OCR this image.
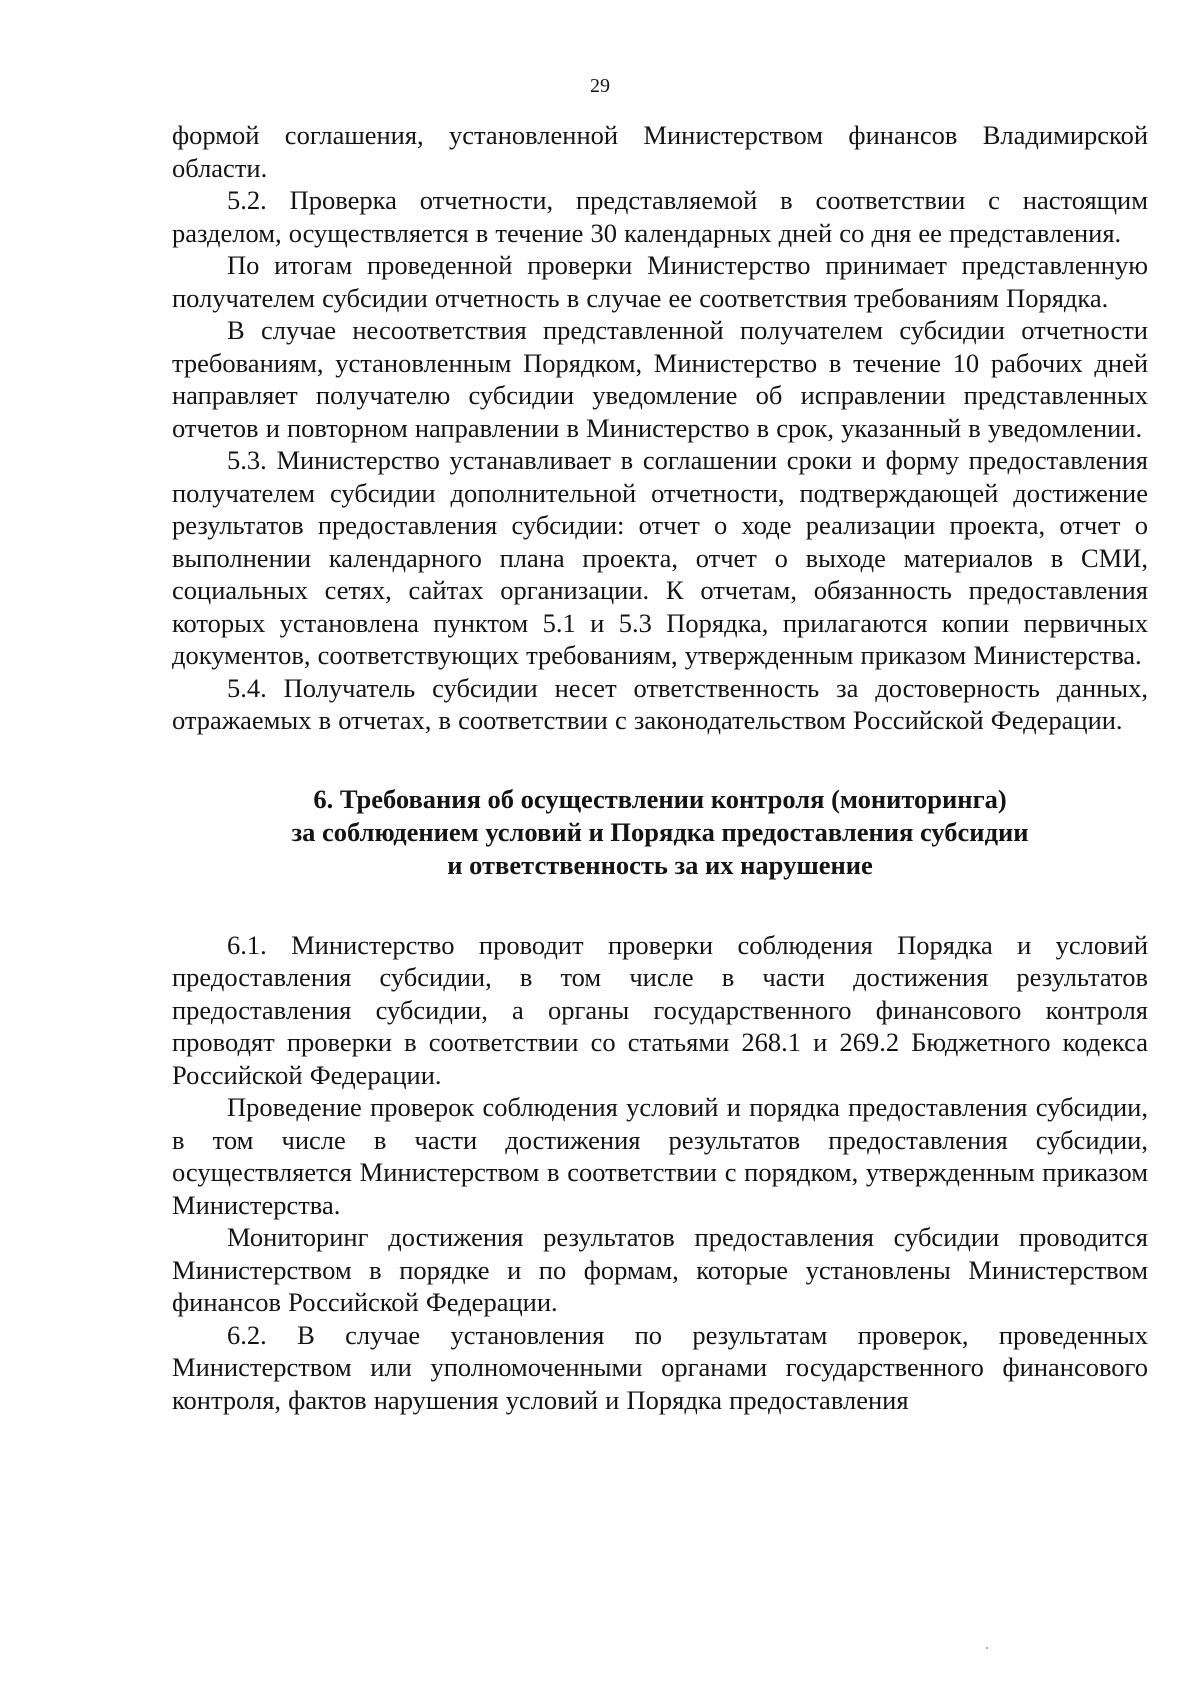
29

формой соглашения, установленной Министерством финансов Владимирской области.

5.2. Проверка отчетности, представляемой в соответствии с настоящим разделом, осуществляется в течение 30 календарных дней со дня ее представления.

По итогам проведенной проверки Министерство принимает представленную получателем субсидии отчетность в случае ее соответствия требованиям Порядка.

В случае несоответствия представленной получателем субсидии отчетности требованиям, установленным Порядком, Министерство в течение 10 рабочих дней направляет получателю субсидии уведомление об исправлении представленных отчетов и повторном направлении в Министерство в срок, указанный в уведомлении.

5.3. Министерство устанавливает в соглашении сроки и форму предоставления получателем субсидии дополнительной отчетности, подтверждающей достижение результатов предоставления субсидии: отчет о ходе реализации проекта, отчет о выполнении календарного плана проекта, отчет о выходе материалов в СМИ, социальных сетях, сайтах организации. К отчетам, обязанность предоставления которых установлена пунктом 5.1 и 5.3 Порядка, прилагаются копии первичных документов, соответствующих требованиям, утвержденным приказом Министерства.

5.4. Получатель субсидии несет ответственность за достоверность данных, отражаемых в отчетах, в соответствии с законодательством Российской Федерации.

6. Требования об осуществлении контроля (мониторинга)
за соблюдением условий и Порядка предоставления субсидии
и ответственность за их нарушение

6.1. Министерство проводит проверки соблюдения Порядка и условий предоставления субсидии, в том числе в части достижения результатов предоставления субсидии, а органы государственного финансового контроля проводят проверки в соответствии со статьями 268.1 и 269.2 Бюджетного кодекса Российской Федерации.

Проведение проверок соблюдения условий и порядка предоставления субсидии, в том числе в части достижения результатов предоставления субсидии, осуществляется Министерством в соответствии с порядком, утвержденным приказом Министерства.

Мониторинг достижения результатов предоставления субсидии проводится Министерством в порядке и по формам, которые установлены Министерством финансов Российской Федерации.

6.2. В случае установления по результатам проверок, проведенных Министерством или уполномоченными органами государственного финансового контроля, фактов нарушения условий и Порядка предоставления
